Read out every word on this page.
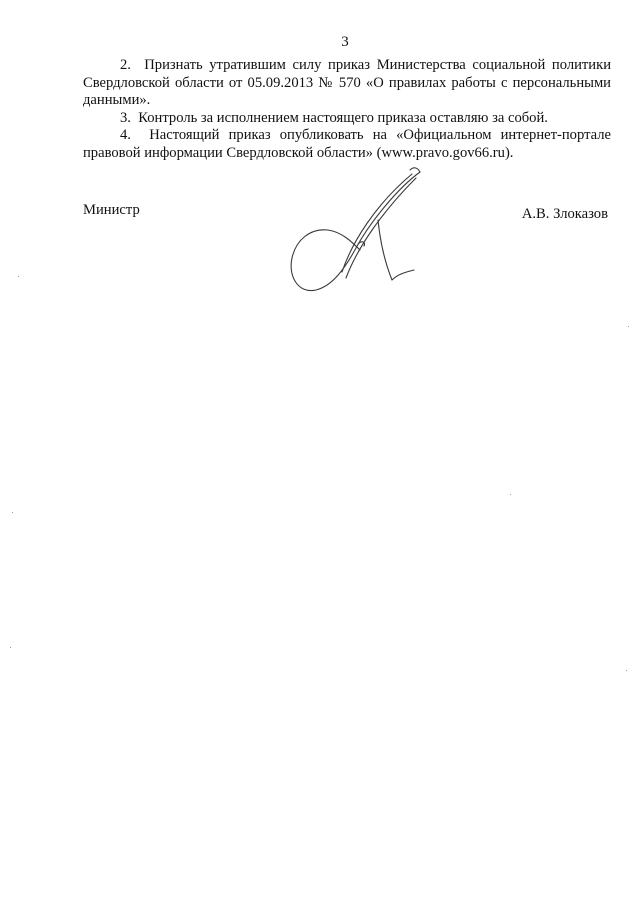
3

2. Признать утратившим силу приказ Министерства социальной политики Свердловской области от 05.09.2013 № 570 «О правилах работы с персональными данными».

3. Контроль за исполнением настоящего приказа оставляю за собой.

4. Настоящий приказ опубликовать на «Официальном интернет-портале правовой информации Свердловской области» (www.pravo.gov66.ru).

Министр	А.В. Злоказов
